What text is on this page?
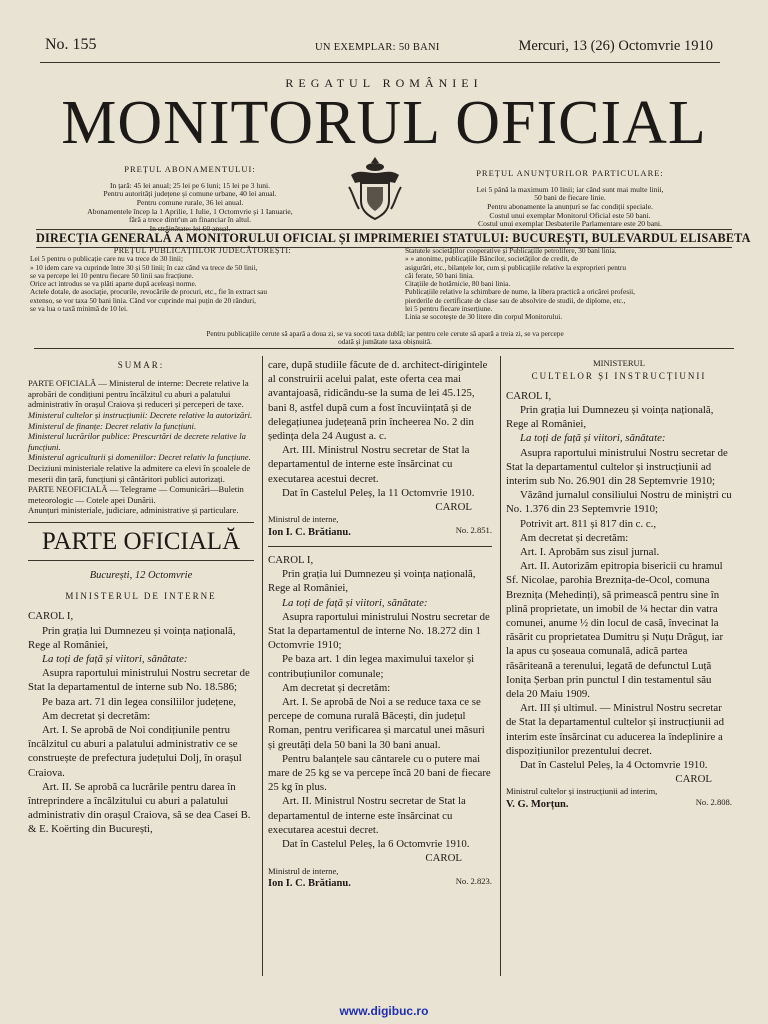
No. 155	UN EXEMPLAR: 50 BANI	Mercuri, 13 (26) Octomvrie 1910
REGATUL ROMÂNIEI
MONITORUL OFICIAL

PREȚUL ABONAMENTULUI:

In țară: 45 lei anual; 25 lei pe 6 luni; 15 lei pe 3 luni.
Pentru autorități județene și comune urbane, 40 lei anual.
Pentru comune rurale, 36 lei anual.
Abonamentele încep la 1 Aprilie, 1 Iulie, 1 Octomvrie și 1 Ianuarie,
fără a trece dintr'un an financiar în altul.
In străinătate: lei 60 anual.

PREȚUL ANUNȚURILOR PARTICULARE:

Lei 5 până la maximum 10 linii; iar când sunt mai multe linii,
50 bani de fiecare linie.
Pentru abonamente la anunțuri se fac condiții speciale.
Costul unui exemplar Monitorul Oficial este 50 bani.
Costul unui exemplar Desbaterile Parlamentare este 20 bani.

DIRECȚIA GENERALĂ A MONITORULUI OFICIAL ȘI IMPRIMERIEI STATULUI: BUCUREȘTI, BULEVARDUL ELISABETA
PREȚUL PUBLICAȚIILOR JUDECĂTOREȘTI:
Lei 5 pentru o publicație care nu va trece de 30 linii;
» 10 idem care va cuprinde între 30 și 50 linii; în caz când va trece de 50 linii,
se va percepe lei 10 pentru fiecare 50 linii sau fracțiune.
Orice act introdus se va plăti aparte după aceleași norme.
Actele dotale, de asociație, procurile, revocările de procuri, etc., fie în extract sau
extenso, se vor taxa 50 bani linia. Când vor cuprinde mai puțin de 20 rânduri,
se va lua o taxă minimă de 10 lei.
Statutele societăților cooperative și Publicațiile petrolifere, 30 bani linia.
» » anonime, publicațiile Băncilor, societăților de credit, de
asigurări, etc., bilanțele lor, cum și publicațiile relative la exproprieri pentru
căi ferate, 50 bani linia.
Citațiile de hotărnicie, 80 bani linia.
Publicațiile relative la schimbare de nume, la libera practică a oricărei profesii,
pierderile de certificate de clase sau de absolvire de studii, de diplome, etc.,
lei 5 pentru fiecare inserțiune.
Linia se socotește de 30 litere din corpul Monitorului.
Pentru publicațiile cerute să apară a doua zi, se va socoti taxa dublă; iar pentru cele cerute să apară a treia zi, se va percepe
odată și jumătate taxa obișnuită.
SUMAR:

PARTE OFICIALĂ — Ministerul de interne: Decrete relative la aprobări de condițiuni pentru încălzitul cu aburi a palatului administrativ în orașul Craiova și reduceri și perceperi de taxe.

Ministerul cultelor și instrucțiunii: Decrete relative la autorizări.

Ministerul de finanțe: Decret relativ la funcțiuni.

Ministerul lucrărilor publice: Prescurtări de decrete relative la funcțiuni.

Ministerul agriculturii și domeniilor: Decret relativ la funcțiune.

Deciziuni ministeriale relative la admitere ca elevi în școalele de meserii din țară, funcțiuni și cântăritori publici autorizați.

PARTE NEOFICIALĂ — Telegrame — Comunicări—Buletin meteorologic — Cotele apei Dunării.

Anunțuri ministeriale, judiciare, administrative și particulare.

PARTE OFICIALĂ

București, 12 Octomvrie

MINISTERUL DE INTERNE

CAROL I,

Prin grația lui Dumnezeu și voința națională, Rege al României,

La toți de față și viitori, sănătate:

Asupra raportului ministrului Nostru secretar de Stat la departamentul de interne sub No. 18.586;

Pe baza art. 71 din legea consiliilor județene,

Am decretat și decretăm:

Art. I. Se aprobă de Noi condițiunile pentru încălzitul cu aburi a palatului administrativ ce se construește de prefectura județului Dolj, în orașul Craiova.

Art. II. Se aprobă ca lucrările pentru darea în întreprindere a încălzitului cu aburi a palatului administrativ din orașul Craiova, să se dea Casei B. & E. Koërting din București,

care, după studiile făcute de d. architect-dirigintele al construirii acelui palat, este oferta cea mai avantajoasă, ridicându-se la suma de lei 45.125, bani 8, astfel după cum a fost încuviințată și de delegațiunea județeană prin încheerea No. 2 din ședința dela 24 August a. c.

Art. III. Ministrul Nostru secretar de Stat la departamentul de interne este însărcinat cu executarea acestui decret.

Dat în Castelul Peleș, la 11 Octomvrie 1910.

CAROL

Ministrul de interne,

Ion I. C. Brătianu.	No. 2.851.

CAROL I,

Prin grația lui Dumnezeu și voința națională, Rege al României,

La toți de față și viitori, sănătate:

Asupra raportului ministrului Nostru secretar de Stat la departamentul de interne No. 18.272 din 1 Octomvrie 1910;

Pe baza art. 1 din legea maximului taxelor și contribuțiunilor comunale;

Am decretat și decretăm:

Art. I. Se aprobă de Noi a se reduce taxa ce se percepe de comuna rurală Băcești, din județul Roman, pentru verificarea și marcatul unei măsuri și greutăți dela 50 bani la 30 bani anual.

Pentru balanțele sau cântarele cu o putere mai mare de 25 kg se va percepe încă 20 bani de fiecare 25 kg în plus.

Art. II. Ministrul Nostru secretar de Stat la departamentul de interne este însărcinat cu executarea acestui decret.

Dat în Castelul Peleș, la 6 Octomvrie 1910.

CAROL

Ministrul de interne,

Ion I. C. Brătianu.	No. 2.823.

MINISTERUL

CULTELOR ȘI INSTRUCȚIUNII

CAROL I,

Prin grația lui Dumnezeu și voința națională, Rege al României,

La toți de față și viitori, sănătate:

Asupra raportului ministrului Nostru secretar de Stat la departamentul cultelor și instrucțiunii ad interim sub No. 26.901 din 28 Septemvrie 1910;

Văzând jurnalul consiliului Nostru de miniștri cu No. 1.376 din 23 Septemvrie 1910;

Potrivit art. 811 și 817 din c. c.,

Am decretat și decretăm:

Art. I. Aprobăm sus zisul jurnal.

Art. II. Autorizăm epitropia bisericii cu hramul Sf. Nicolae, parohia Breznița-de-Ocol, comuna Breznița (Mehedinți), să primească pentru sine în plină proprietate, un imobil de ¼ hectar din vatra comunei, anume ½ din locul de casă, învecinat la răsărit cu proprietatea Dumitru și Nuțu Drăguț, iar la apus cu șoseaua comunală, adică partea răsăriteană a terenului, legată de defunctul Luță Ionița Șerban prin punctul I din testamentul său dela 20 Maiu 1909.

Art. III și ultimul. — Ministrul Nostru secretar de Stat la departamentul cultelor și instrucțiunii ad interim este însărcinat cu aducerea la îndeplinire a dispozițiunilor prezentului decret.

Dat în Castelul Peleș, la 4 Octomvrie 1910.

CAROL

Ministrul cultelor și instrucțiunii ad interim,

V. G. Morțun.	No. 2.808.

www.digibuc.ro
